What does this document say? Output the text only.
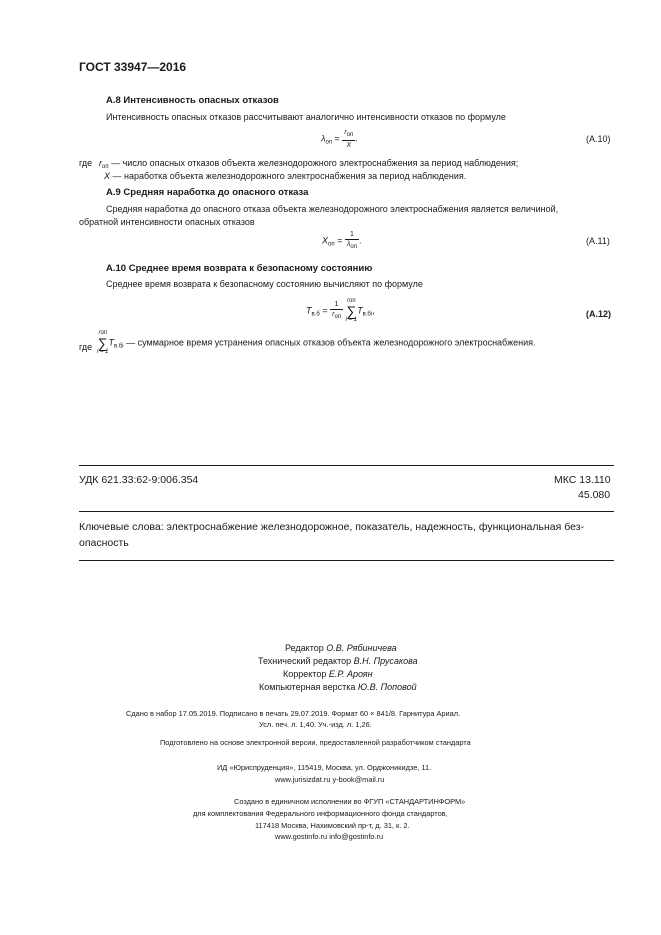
ГОСТ 33947—2016
А.8 Интенсивность опасных отказов
Интенсивность опасных отказов рассчитывают аналогично интенсивности отказов по формуле
$\lambda_{оп} = \frac{\text{rоп}}{X}$ .	(А.10)
где $r_{оп}$ — число опасных отказов объекта железнодорожного электроснабжения за период наблюдения;
X — наработка объекта железнодорожного электроснабжения за период наблюдения.
А.9 Средняя наработка до опасного отказа
Средняя наработка до опасного отказа объекта железнодорожного электроснабжения является величиной,
обратной интенсивности опасных отказов
$X_{оп} = \frac{1}{\text{λоп}}$ .	(А.11)
А.10 Среднее время возврата к безопасному состоянию
Среднее время возврата к безопасному состоянию вычисляют по формуле
$T_{в.б} = \frac{1}{\text{rоп}}$ rоп
∑
$i = 1T_{в.бi}$,	(А.12)
где
rоп
∑
$i = 1T_{в.бi}$ — суммарное время устранения опасных отказов объекта железнодорожного электроснабжения.
УДК 621.33:62-9:006.354	МКС 13.110
45.080
Ключевые слова: электроснабжение железнодорожное, показатель, надежность, функциональная без-
опасность
Редактор О.В. Рябиничева
Технический редактор В.Н. Прусакова
Корректор Е.Р. Ароян
Компьютерная верстка Ю.В. Поповой
Сдано в набор 17.05.2019. Подписано в печать 29.07.2019. Формат 60 × 841/8. Гарнитура Ариал.
Усл. печ. л. 1,40. Уч.-изд. л. 1,26.
Подготовлено на основе электронной версии, предоставленной разработчиком стандарта
ИД «Юриспруденция», 115419, Москва, ул. Орджоникидзе, 11.
www.jurisizdat.ru y-book@mail.ru
Создано в единичном исполнении во ФГУП «СТАНДАРТИНФОРМ»
для комплектования Федерального информационного фонда стандартов,
117418 Москва, Нахимовский пр-т, д. 31, к. 2.
www.gostinfo.ru info@gostinfo.ru
